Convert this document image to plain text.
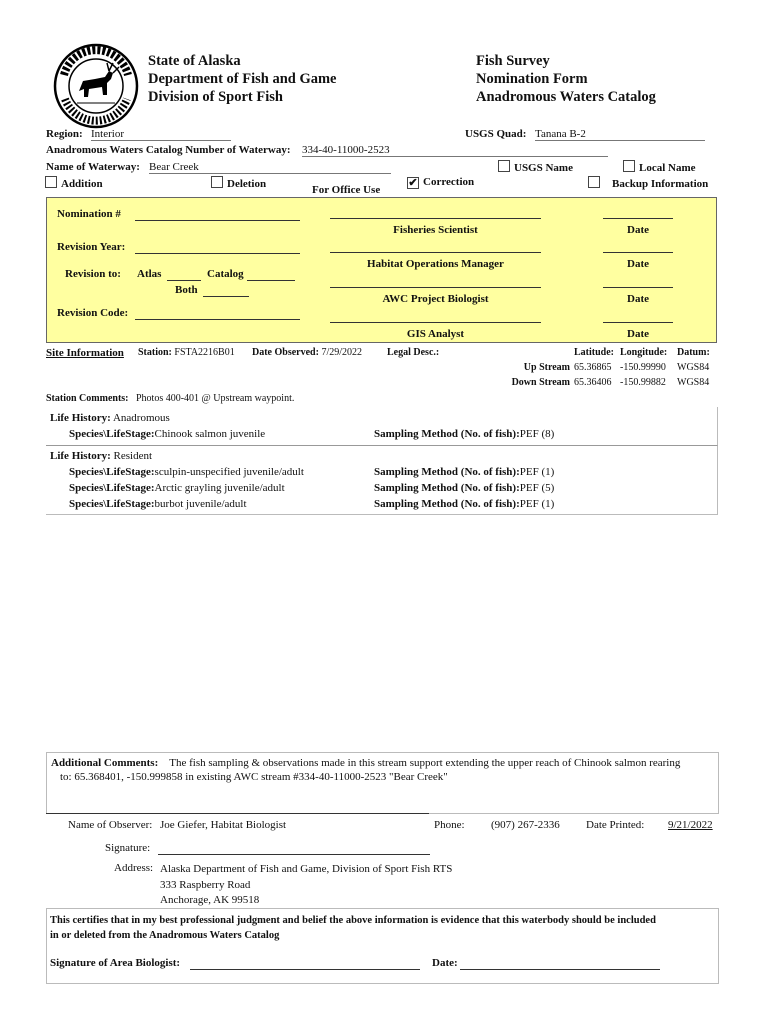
State of Alaska
Department of Fish and Game
Division of Sport Fish
Fish Survey
Nomination Form
Anadromous Waters Catalog
Region: Interior	USGS Quad: Tanana B-2
Anadromous Waters Catalog Number of Waterway: 334-40-11000-2523
Name of Waterway: Bear Creek	USGS Name	Local Name
Addition	Deletion	✔ Correction	Backup Information
For Office Use
Nomination #
Revision Year:
Revision to: Atlas	Catalog
Both
Revision Code:
Fisheries Scientist	Date
Habitat Operations Manager	Date
AWC Project Biologist	Date
GIS Analyst	Date
Site Information Station: FSTA2216B01 Date Observed: 7/29/2022	Legal Desc.:	Latitude: Longitude: Datum:
Up Stream 65.36865 -150.99990 WGS84
Down Stream 65.36406 -150.99882 WGS84
Station Comments: Photos 400-401 @ Upstream waypoint.
Life History: Anadromous
Species\LifeStage:Chinook salmon juvenile	Sampling Method (No. of fish):PEF (8)
Life History: Resident
Species\LifeStage:sculpin-unspecified juvenile/adult	Sampling Method (No. of fish):PEF (1)
Species\LifeStage:Arctic grayling juvenile/adult	Sampling Method (No. of fish):PEF (5)
Species\LifeStage:burbot juvenile/adult	Sampling Method (No. of fish):PEF (1)
Additional Comments: The fish sampling & observations made in this stream support extending the upper reach of Chinook salmon rearing
to: 65.368401, -150.999858 in existing AWC stream #334-40-11000-2523 "Bear Creek"
Name of Observer: Joe Giefer, Habitat Biologist	Phone: (907) 267-2336 Date Printed: 9/21/2022
Signature:
Address: Alaska Department of Fish and Game, Division of Sport Fish RTS
333 Raspberry Road
Anchorage, AK 99518
This certifies that in my best professional judgment and belief the above information is evidence that this waterbody should be included
in or deleted from the Anadromous Waters Catalog
Signature of Area Biologist:	Date:
